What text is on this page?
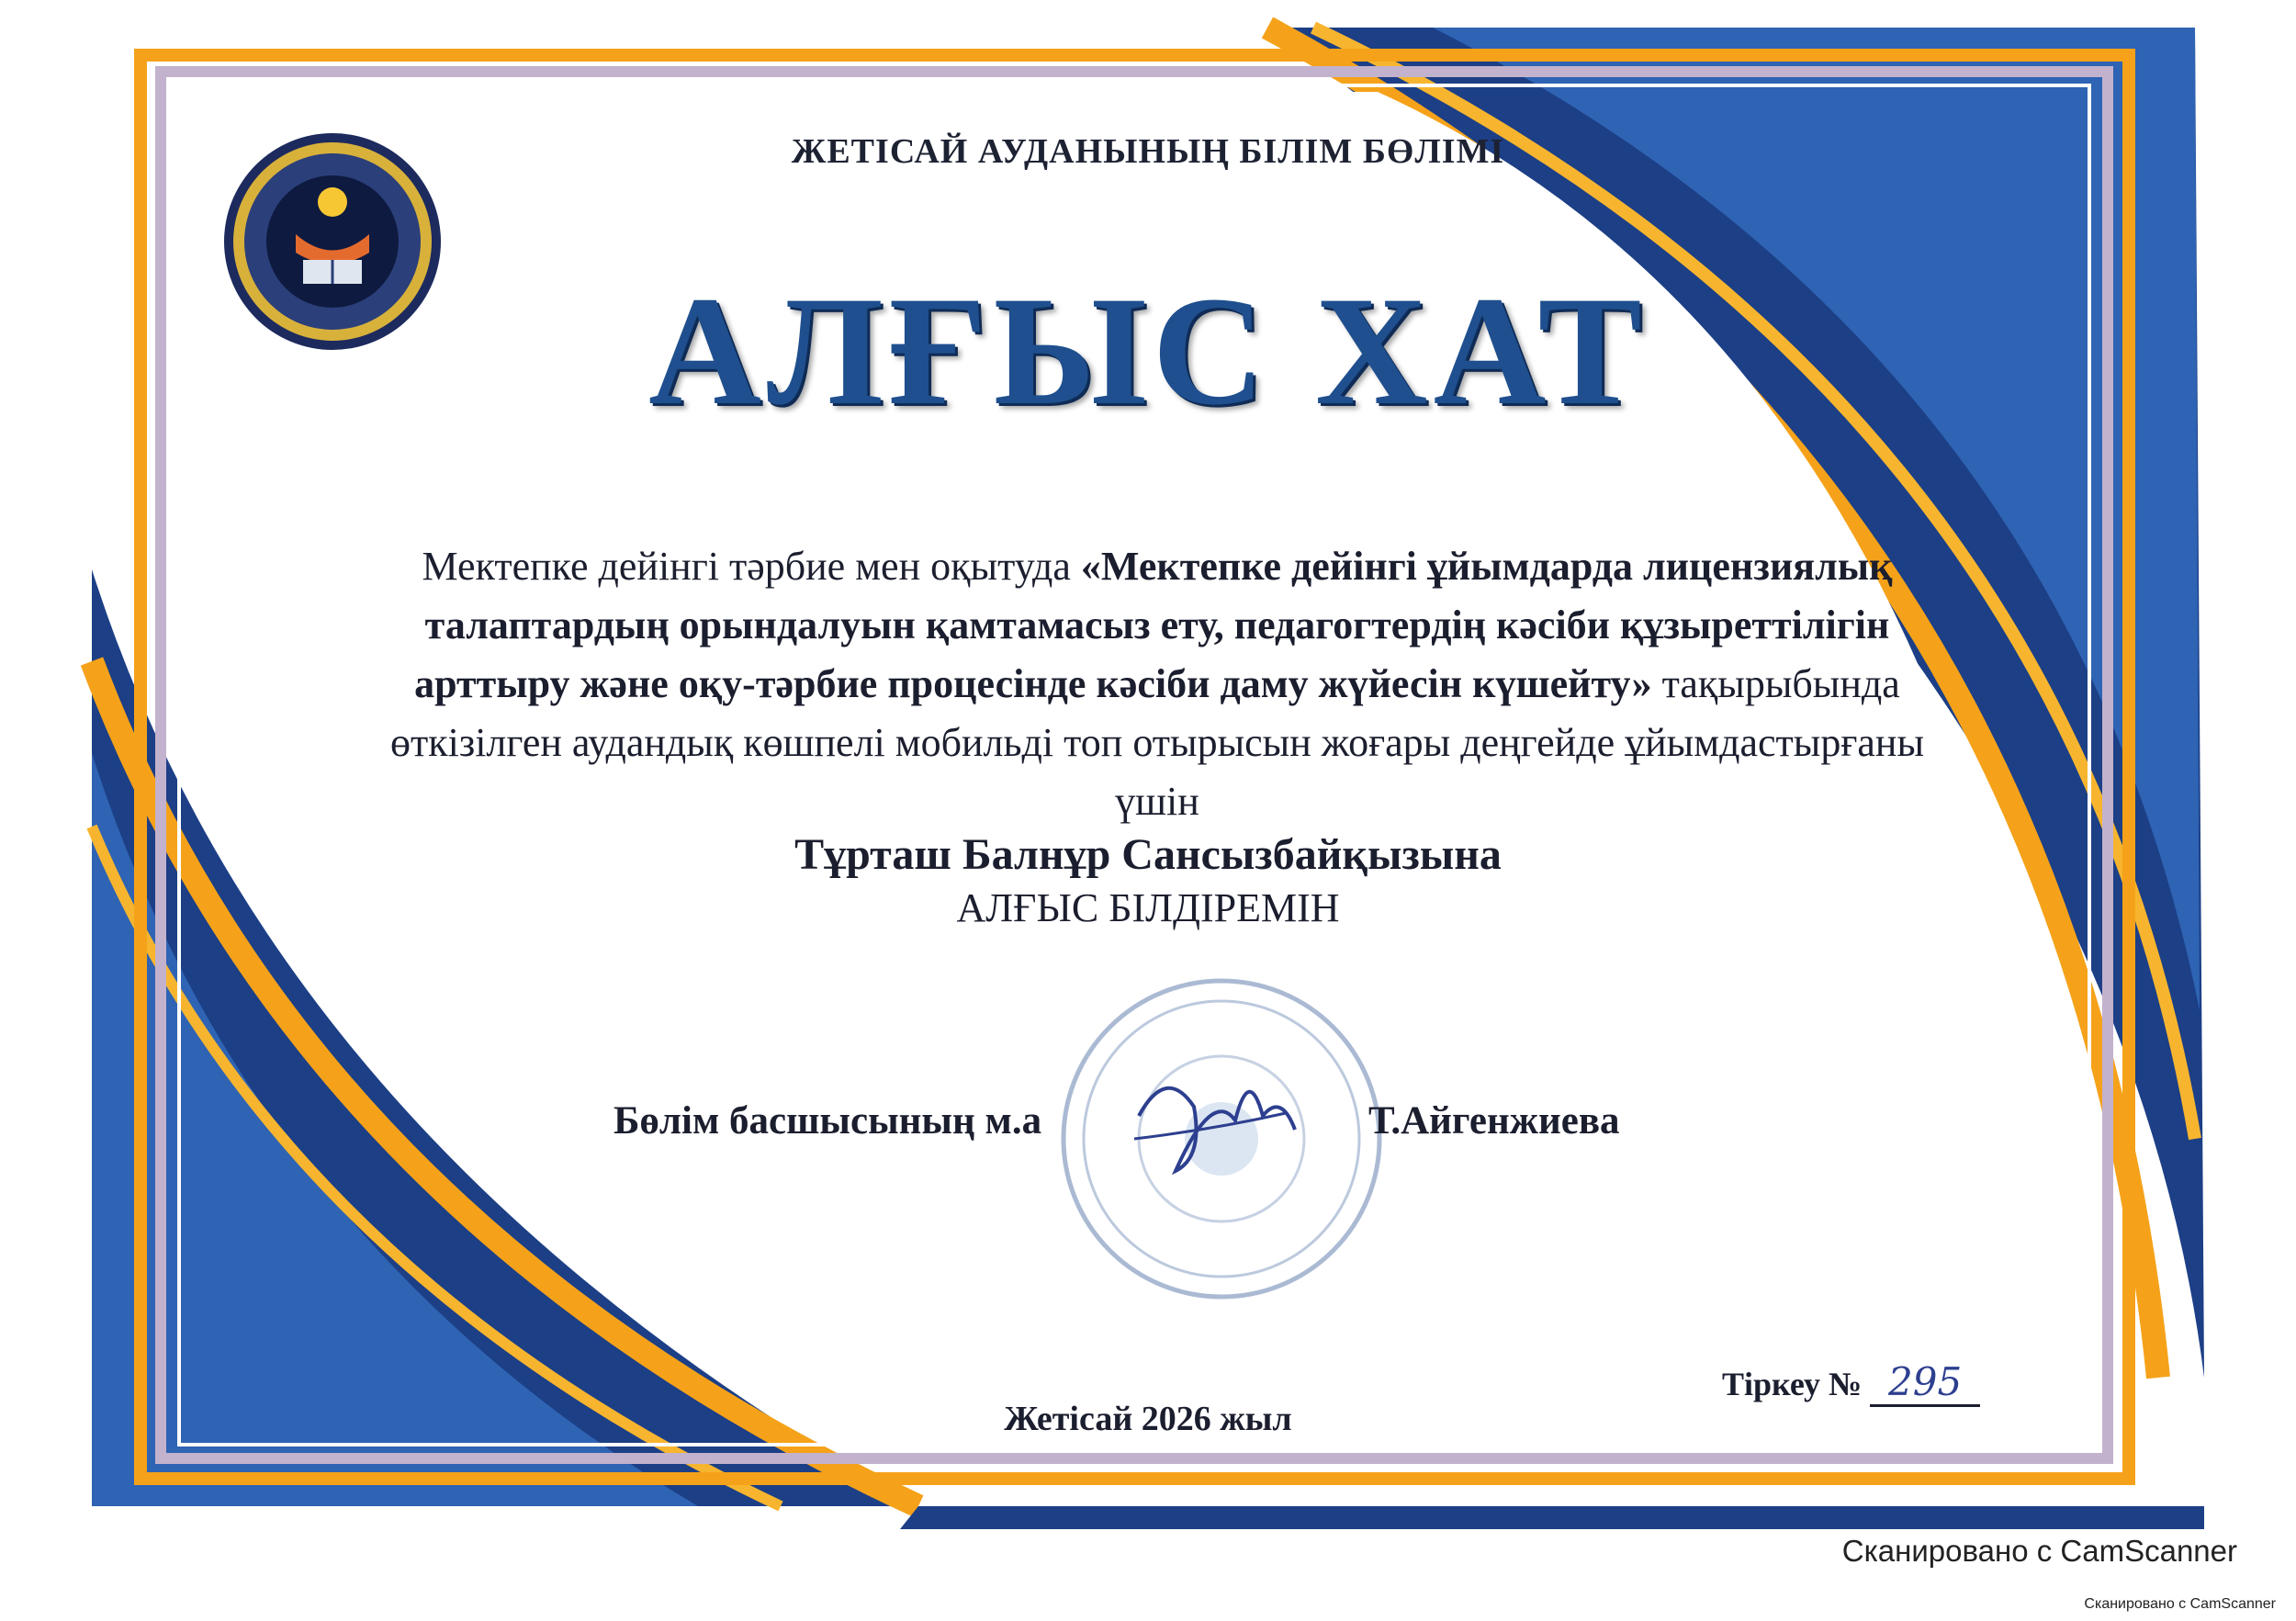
ЖЕТІСАЙ АУДАНЫНЫҢ БІЛІМ БӨЛІМІ
АЛҒЫС ХАТ
Мектепке дейінгі тәрбие мен оқытуда «Мектепке дейінгі ұйымдарда лицензиялық талаптардың орындалуын қамтамасыз ету, педагогтердің кәсіби құзыреттілігін арттыру және оқу-тәрбие процесінде кәсіби даму жүйесін күшейту» тақырыбында өткізілген аудандық көшпелі мобильді топ отырысын жоғары деңгейде ұйымдастырғаны үшін
Тұрташ Балнұр Сансызбайқызына
АЛҒЫС БІЛДІРЕМІН
Бөлім басшысының м.а	Т.Айгенжиева
Тіркеу № 295
Жетісай 2026 жыл
Сканировано с CamScanner
Сканировано с CamScanner
